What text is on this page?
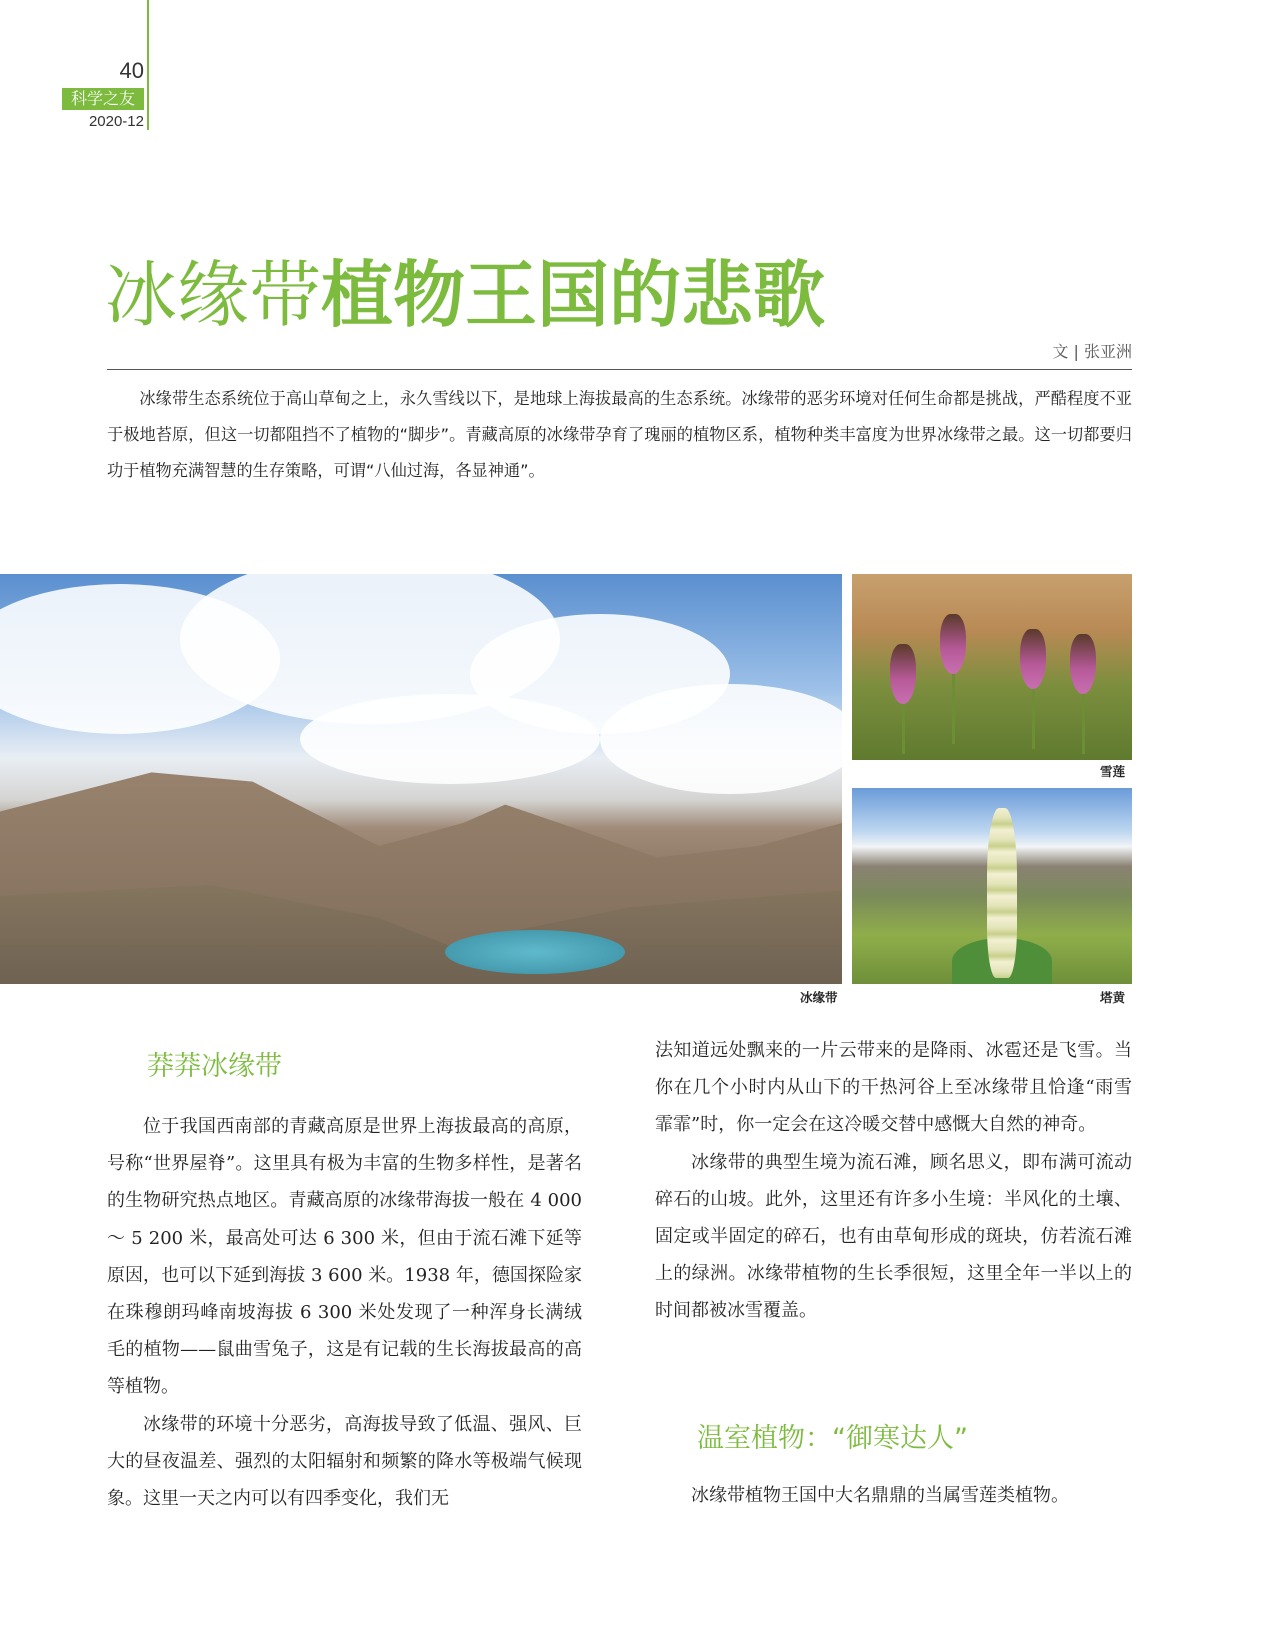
40
科学之友
2020-12
冰缘带植物王国的悲歌
文 | 张亚洲

冰缘带生态系统位于高山草甸之上，永久雪线以下，是地球上海拔最高的生态系统。冰缘带的恶劣环境对任何生命都是挑战，严酷程度不亚于极地苔原，但这一切都阻挡不了植物的“脚步”。青藏高原的冰缘带孕育了瑰丽的植物区系，植物种类丰富度为世界冰缘带之最。这一切都要归功于植物充满智慧的生存策略，可谓“八仙过海，各显神通”。

雪莲
冰缘带	塔黄
莽莽冰缘带

位于我国西南部的青藏高原是世界上海拔最高的高原，号称“世界屋脊”。这里具有极为丰富的生物多样性，是著名的生物研究热点地区。青藏高原的冰缘带海拔一般在 4 000 ～ 5 200 米，最高处可达 6 300 米，但由于流石滩下延等原因，也可以下延到海拔 3 600 米。1938 年，德国探险家在珠穆朗玛峰南坡海拔 6 300 米处发现了一种浑身长满绒毛的植物——鼠曲雪兔子，这是有记载的生长海拔最高的高等植物。

冰缘带的环境十分恶劣，高海拔导致了低温、强风、巨大的昼夜温差、强烈的太阳辐射和频繁的降水等极端气候现象。这里一天之内可以有四季变化，我们无

法知道远处飘来的一片云带来的是降雨、冰雹还是飞雪。当你在几个小时内从山下的干热河谷上至冰缘带且恰逢“雨雪霏霏”时，你一定会在这冷暖交替中感慨大自然的神奇。

冰缘带的典型生境为流石滩，顾名思义，即布满可流动碎石的山坡。此外，这里还有许多小生境：半风化的土壤、固定或半固定的碎石，也有由草甸形成的斑块，仿若流石滩上的绿洲。冰缘带植物的生长季很短，这里全年一半以上的时间都被冰雪覆盖。

温室植物：“御寒达人”

冰缘带植物王国中大名鼎鼎的当属雪莲类植物。
